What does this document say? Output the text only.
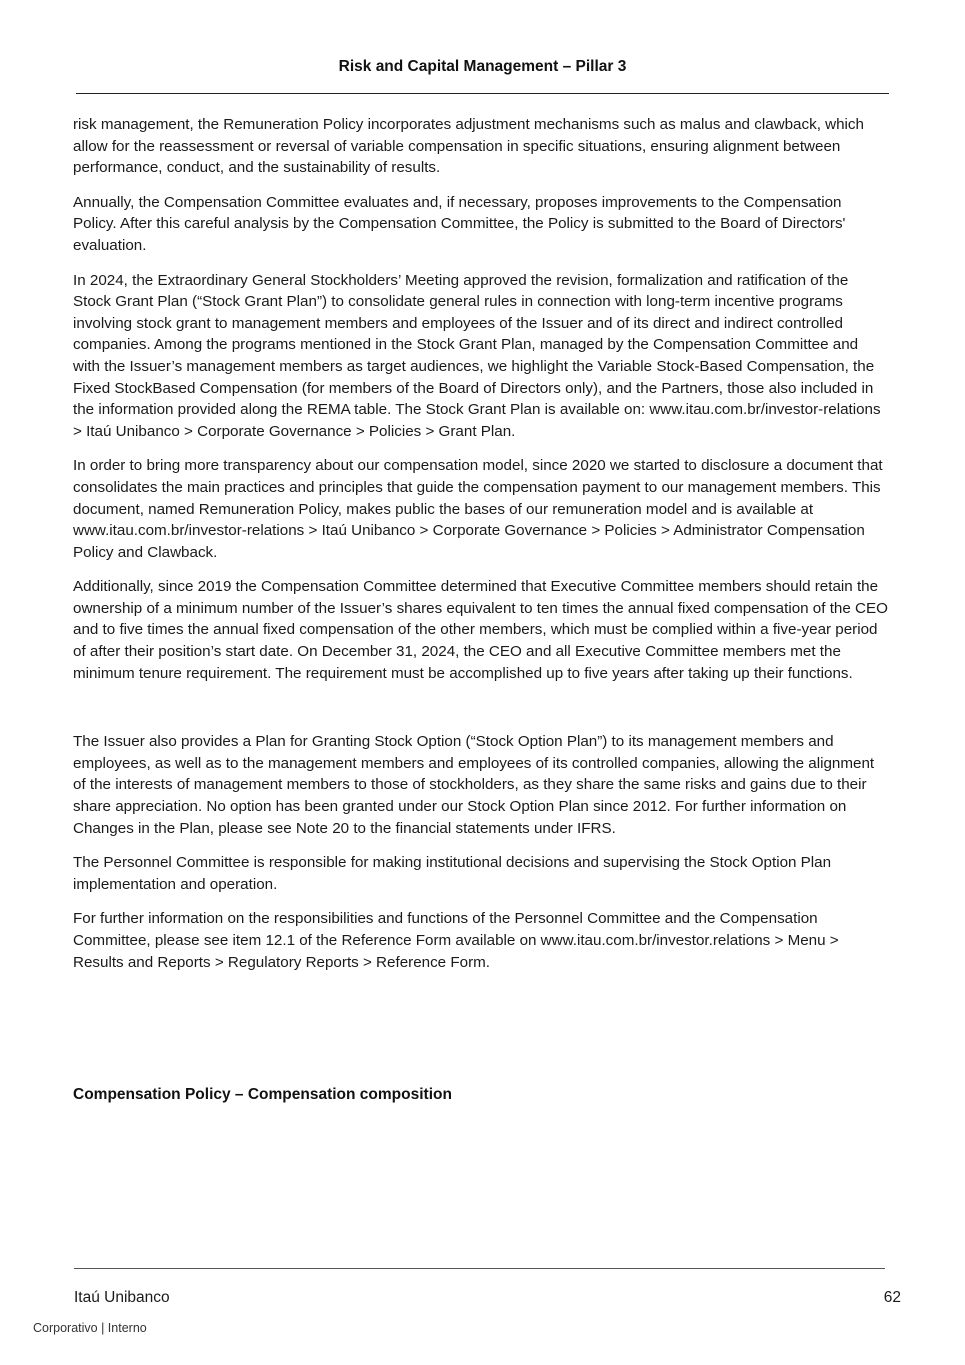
Risk and Capital Management – Pillar 3

risk management, the Remuneration Policy incorporates adjustment mechanisms such as malus and clawback, which allow for the reassessment or reversal of variable compensation in specific situations, ensuring alignment between performance, conduct, and the sustainability of results.

Annually, the Compensation Committee evaluates and, if necessary, proposes improvements to the Compensation Policy. After this careful analysis by the Compensation Committee, the Policy is submitted to the Board of Directors' evaluation.

In 2024, the Extraordinary General Stockholders’ Meeting approved the revision, formalization and ratification of the Stock Grant Plan (“Stock Grant Plan”) to consolidate general rules in connection with long-term incentive programs involving stock grant to management members and employees of the Issuer and of its direct and indirect controlled companies. Among the programs mentioned in the Stock Grant Plan, managed by the Compensation Committee and with the Issuer’s management members as target audiences, we highlight the Variable Stock-Based Compensation, the Fixed StockBased Compensation (for members of the Board of Directors only), and the Partners, those also included in the information provided along the REMA table. The Stock Grant Plan is available on: www.itau.com.br/investor-relations > Itaú Unibanco > Corporate Governance > Policies > Grant Plan.

In order to bring more transparency about our compensation model, since 2020 we started to disclosure a document that consolidates the main practices and principles that guide the compensation payment to our management members. This document, named Remuneration Policy, makes public the bases of our remuneration model and is available at www.itau.com.br/investor-relations > Itaú Unibanco > Corporate Governance > Policies > Administrator Compensation Policy and Clawback.

Additionally, since 2019 the Compensation Committee determined that Executive Committee members should retain the ownership of a minimum number of the Issuer’s shares equivalent to ten times the annual fixed compensation of the CEO and to five times the annual fixed compensation of the other members, which must be complied within a five-year period of after their position’s start date. On December 31, 2024, the CEO and all Executive Committee members met the minimum tenure requirement. The requirement must be accomplished up to five years after taking up their functions.

The Issuer also provides a Plan for Granting Stock Option (“Stock Option Plan”) to its management members and employees, as well as to the management members and employees of its controlled companies, allowing the alignment of the interests of management members to those of stockholders, as they share the same risks and gains due to their share appreciation. No option has been granted under our Stock Option Plan since 2012. For further information on Changes in the Plan, please see Note 20 to the financial statements under IFRS.

The Personnel Committee is responsible for making institutional decisions and supervising the Stock Option Plan implementation and operation.

For further information on the responsibilities and functions of the Personnel Committee and the Compensation Committee, please see item 12.1 of the Reference Form available on www.itau.com.br/investor.relations > Menu > Results and Reports > Regulatory Reports > Reference Form.

Compensation Policy – Compensation composition
Itaú Unibanco	62
Corporativo | Interno
